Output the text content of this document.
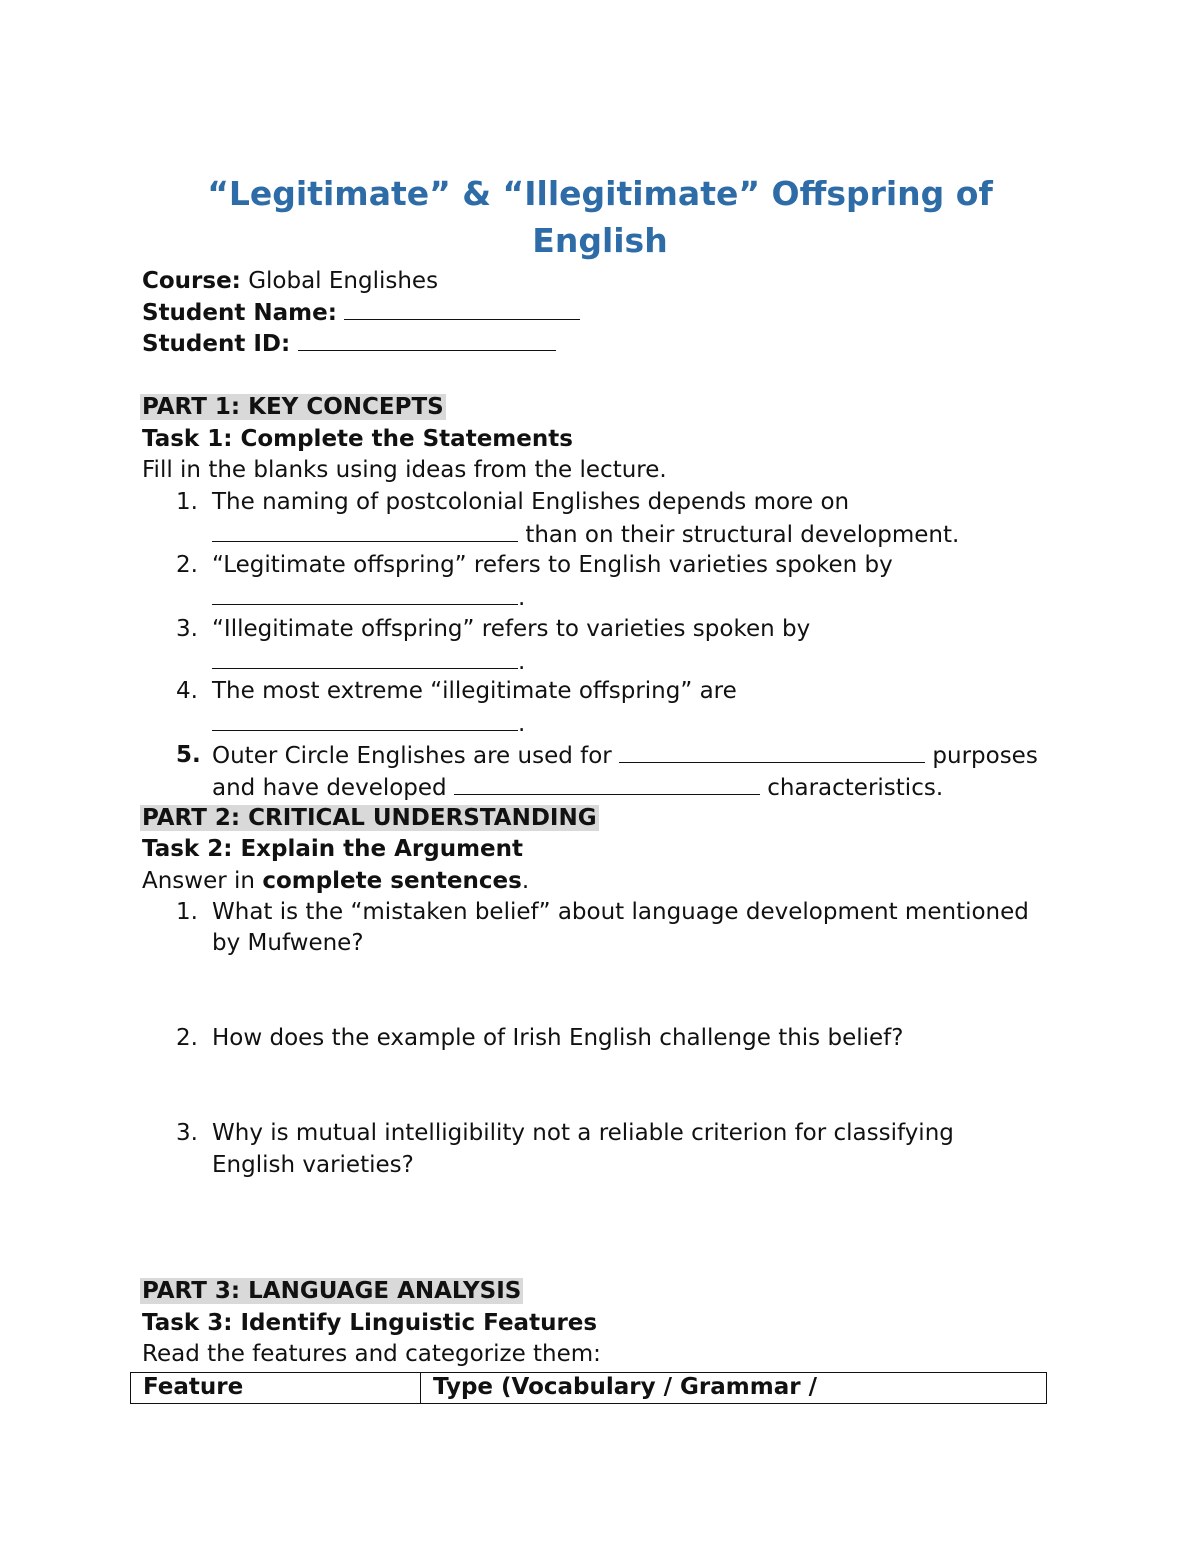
“Legitimate” & “Illegitimate” Offspring of
English
Course: Global Englishes
Student Name:
Student ID:
PART 1: KEY CONCEPTS
Task 1: Complete the Statements
Fill in the blanks using ideas from the lecture.
1. The naming of postcolonial Englishes depends more on
than on their structural development.
2. “Legitimate offspring” refers to English varieties spoken by
.
3. “Illegitimate offspring” refers to varieties spoken by
.
4. The most extreme “illegitimate offspring” are
.
5. Outer Circle Englishes are used for	purposes
and have developed	characteristics.
PART 2: CRITICAL UNDERSTANDING
Task 2: Explain the Argument
Answer in complete sentences.
1. What is the “mistaken belief” about language development mentioned
by Mufwene?
2. How does the example of Irish English challenge this belief?
3. Why is mutual intelligibility not a reliable criterion for classifying
English varieties?
PART 3: LANGUAGE ANALYSIS
Task 3: Identify Linguistic Features
Read the features and categorize them:
Feature	Type (Vocabulary / Grammar /
